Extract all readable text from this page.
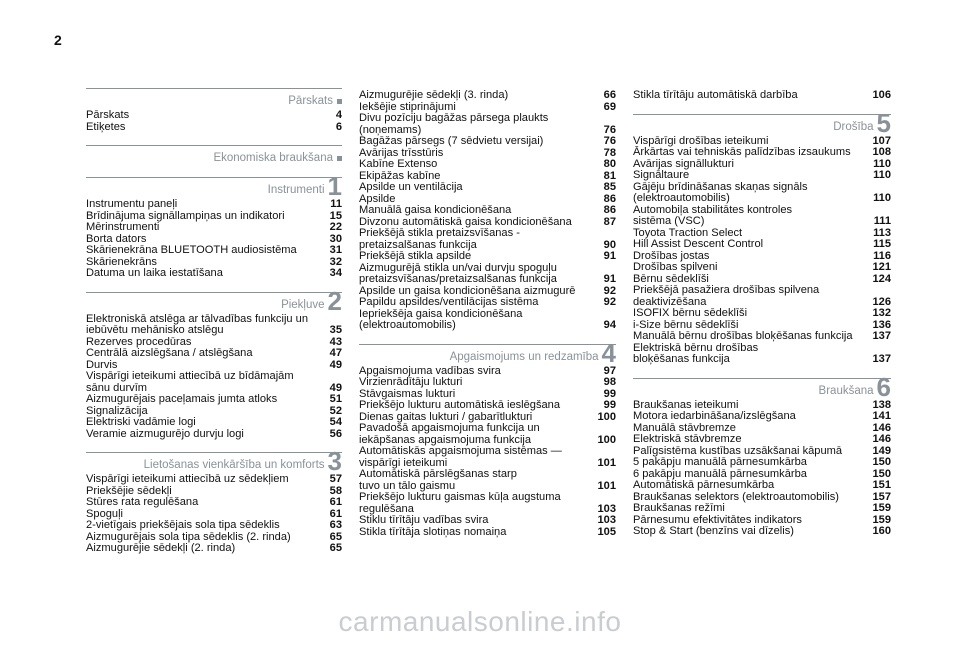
2
Pārskats
Pārskats	4
Etiķetes	6
Ekonomiska braukšana
Instrumenti 1
Instrumentu paneļi	11
Brīdinājuma signāllampiņas un indikatori	15
Mērinstrumenti	22
Borta dators	30
Skārienekrāna BLUETOOTH audiosistēma	31
Skārienekrāns	32
Datuma un laika iestatīšana	34
Piekļuve 2
Elektroniskā atslēga ar tālvadības funkciju un
iebūvētu mehānisko atslēgu	35
Rezerves procedūras	43
Centrālā aizslēgšana / atslēgšana	47
Durvis	49
Vispārīgi ieteikumi attiecībā uz bīdāmajām
sānu durvīm	49
Aizmugurējais paceļamais jumta atloks	51
Signalizācija	52
Elektriski vadāmie logi	54
Veramie aizmugurējo durvju logi	56
Lietošanas vienkāršība un komforts 3
Vispārīgi ieteikumi attiecībā uz sēdekļiem	57
Priekšējie sēdekļi	58
Stūres rata regulēšana	61
Spoguļi	61
2-vietīgais priekšējais sola tipa sēdeklis	63
Aizmugurējais sola tipa sēdeklis (2. rinda)	65
Aizmugurējie sēdekļi (2. rinda)	65
Aizmugurējie sēdekļi (3. rinda)	66
Iekšējie stiprinājumi	69
Divu pozīciju bagāžas pārsega plaukts
(noņemams)	76
Bagāžas pārsegs (7 sēdvietu versijai)	76
Avārijas trīsstūris	78
Kabīne Extenso	80
Ekipāžas kabīne	81
Apsilde un ventilācija	85
Apsilde	86
Manuālā gaisa kondicionēšana	86
Divzonu automātiskā gaisa kondicionēšana	87
Priekšējā stikla pretaizsvīšanas -
pretaizsalšanas funkcija	90
Priekšējā stikla apsilde	91
Aizmugurējā stikla un/vai durvju spoguļu
pretaizsvīšanas/pretaizsalšanas funkcija	91
Apsilde un gaisa kondicionēšana aizmugurē	92
Papildu apsildes/ventilācijas sistēma	92
Iepriekšēja gaisa kondicionēšana
(elektroautomobilis)	94
Apgaismojums un redzamība 4
Apgaismojuma vadības svira	97
Virzienrādītāju lukturi	98
Stāvgaismas lukturi	99
Priekšējo lukturu automātiskā ieslēgšana	99
Dienas gaitas lukturi / gabarītlukturi	100
Pavadošā apgaismojuma funkcija un
iekāpšanas apgaismojuma funkcija	100
Automātiskās apgaismojuma sistēmas —
vispārīgi ieteikumi	101
Automātiskā pārslēgšanas starp
tuvo un tālo gaismu	101
Priekšējo lukturu gaismas kūļa augstuma
regulēšana	103
Stiklu tīrītāju vadības svira	103
Stikla tīrītāja slotiņas nomaiņa	105
Stikla tīrītāju automātiskā darbība	106
Drošība 5
Vispārīgi drošības ieteikumi	107
Ārkārtas vai tehniskās palīdzības izsaukums	108
Avārijas signāllukturi	110
Signāltaure	110
Gājēju brīdināšanas skaņas signāls
(elektroautomobilis)	110
Automobiļa stabilitātes kontroles
sistēma (VSC)	111
Toyota Traction Select	113
Hill Assist Descent Control	115
Drošības jostas	116
Drošības spilveni	121
Bērnu sēdeklīši	124
Priekšējā pasažiera drošības spilvena
deaktivizēšana	126
ISOFIX bērnu sēdeklīši	132
i-Size bērnu sēdeklīši	136
Manuālā bērnu drošības bloķēšanas funkcija	137
Elektriskā bērnu drošības
bloķēšanas funkcija	137
Braukšana 6
Braukšanas ieteikumi	138
Motora iedarbināšana/izslēgšana	141
Manuālā stāvbremze	146
Elektriskā stāvbremze	146
Palīgsistēma kustības uzsākšanai kāpumā	149
5 pakāpju manuālā pārnesumkārba	150
6 pakāpju manuālā pārnesumkārba	150
Automātiskā pārnesumkārba	151
Braukšanas selektors (elektroautomobilis)	157
Braukšanas režīmi	159
Pārnesumu efektivitātes indikators	159
Stop & Start (benzīns vai dīzelis)	160
carmanualsonline.info
